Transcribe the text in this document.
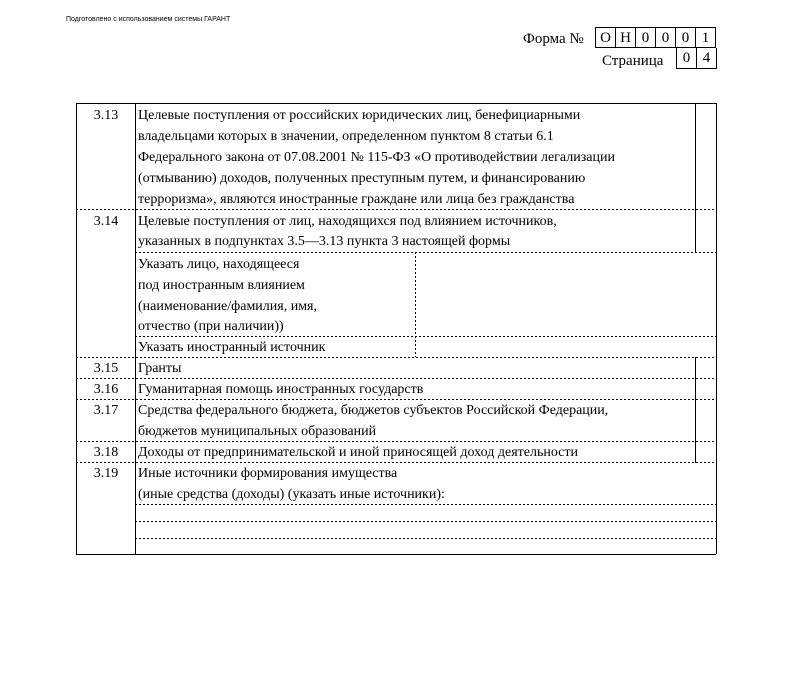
Подготовлено с использованием системы ГАРАНТ
Форма № О Н 0 0 0 1
Страница	0 4
3.13	Целевые поступления от российских юридических лиц, бенефициарными
владельцами которых в значении, определенном пунктом 8 статьи 6.1
Федерального закона от 07.08.2001 № 115-ФЗ «О противодействии легализации
(отмыванию) доходов, полученных преступным путем, и финансированию
терроризма», являются иностранные граждане или лица без гражданства
3.14	Целевые поступления от лиц, находящихся под влиянием источников,
указанных в подпунктах 3.5—3.13 пункта 3 настоящей формы
Указать лицо, находящееся
под иностранным влиянием
(наименование/фамилия, имя,
отчество (при наличии))
Указать иностранный источник
3.15	Гранты
3.16	Гуманитарная помощь иностранных государств
3.17	Средства федерального бюджета, бюджетов субъектов Российской Федерации,
бюджетов муниципальных образований
3.18	Доходы от предпринимательской и иной приносящей доход деятельности
3.19	Иные источники формирования имущества
(иные средства (доходы) (указать иные источники):
